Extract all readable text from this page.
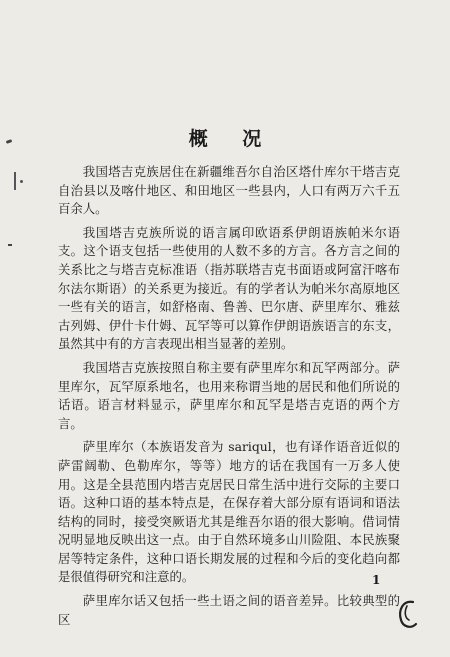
概 况

我国塔吉克族居住在新疆维吾尔自治区塔什库尔干塔吉克自治县以及喀什地区、和田地区一些县内，人口有两万六千五百余人。

我国塔吉克族所说的语言属印欧语系伊朗语族帕米尔语支。这个语支包括一些使用的人数不多的方言。各方言之间的关系比之与塔吉克标准语（指苏联塔吉克书面语或阿富汗喀布尔法尔斯语）的关系更为接近。有的学者认为帕米尔高原地区一些有关的语言，如舒格南、鲁善、巴尔唐、萨里库尔、雅兹古列姆、伊什卡什姆、瓦罕等可以算作伊朗语族语言的东支，虽然其中有的方言表现出相当显著的差别。

我国塔吉克族按照自称主要有萨里库尔和瓦罕两部分。萨里库尔，瓦罕原系地名，也用来称谓当地的居民和他们所说的话语。语言材料显示，萨里库尔和瓦罕是塔吉克语的两个方言。

萨里库尔（本族语发音为 sariqul，也有译作语音近似的萨雷阔勒、色勒库尔，等等）地方的话在我国有一万多人使用。这是全县范围内塔吉克居民日常生活中进行交际的主要口语。这种口语的基本特点是，在保存着大部分原有语词和语法结构的同时，接受突厥语尤其是维吾尔语的很大影响。借词情况明显地反映出这一点。由于自然环境多山川险阻、本民族聚居等特定条件，这种口语长期发展的过程和今后的变化趋向都是很值得研究和注意的。

萨里库尔话又包括一些土语之间的语音差异。比较典型的区

1
